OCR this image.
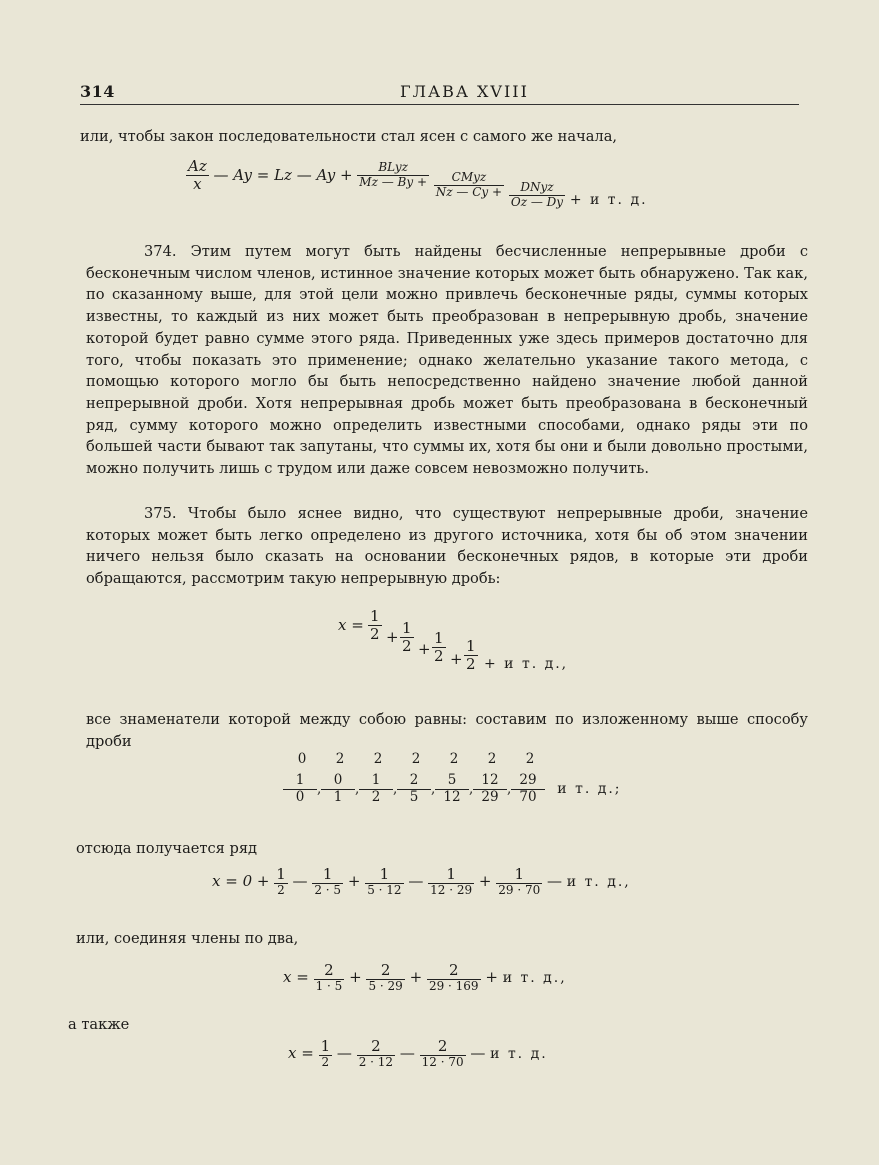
314	ГЛАВА XVIII
или, чтобы закон последовательности стал ясен с самого же начала,
$\frac{Az}{x}$ — Ay = Lz — $Ay + \frac{\text{BLyz}}{Mz — By +}$
$\frac{\text{CMyz}}{Nz — Cy +}$
$\frac{\text{DNyz}}{Oz — Dy} + и$ т. д.
374. Этим путем могут быть найдены бесчисленные непрерывные дроби с бесконечным числом членов, истинное значение которых может быть обнаружено. Так как, по сказанному выше, для этой цели можно привлечь бесконечные ряды, суммы которых известны, то каждый из них может быть преобразован в непрерывную дробь, значение которой будет равно сумме этого ряда. Приведенных уже здесь примеров достаточно для того, чтобы показать это применение; однако желательно указание такого метода, с помощью которого могло бы быть непосредственно найдено значение любой данной непрерывной дроби. Хотя непрерывная дробь может быть преобразована в бесконечный ряд, сумму которого можно определить известными способами, однако ряды эти по большей части бывают так запутаны, что суммы их, хотя бы они и были довольно простыми, можно получить лишь с трудом или даже совсем невозможно получить.
375. Чтобы было яснее видно, что существуют непрерывные дроби, значение которых может быть легко определено из другого источника, хотя бы об этом значении ничего нельзя было сказать на основании бесконечных рядов, в которые эти дроби обращаются, рассмотрим такую непрерывную дробь:
$x = \frac{1}{2} + \frac{1}{2} + \frac{1}{2} + \frac{1}{2} + и$ т. д.,
все знаменатели которой между собою равны: составим по изложенному выше способу дроби
0 2 2 2 2 2 2
$\frac{1}{0}$ , $\frac{0}{1}$ , $\frac{1}{2}$ , $\frac{2}{5}$ , $\frac{5}{12}$ , $\frac{12}{29}$ , $\frac{29}{70}$ и т. д.;
отсюда получается ряд
$x = 0 + \frac{1}{2}$ — $\frac{1}{2 \cdot 5} + \frac{1}{5 \cdot 12}$ — $\frac{1}{12 \cdot 29} + \frac{1}{29 \cdot 70}$ — и т. д.,
или, соединяя члены по два,
$x = \frac{2}{1 \cdot 5} + \frac{2}{5 \cdot 29} + \frac{2}{29 \cdot 169} + и$ т. д.,
а также
$x = \frac{1}{2}$ — $\frac{2}{2 \cdot 12}$ — $\frac{2}{12 \cdot 70}$ — и т. д.
